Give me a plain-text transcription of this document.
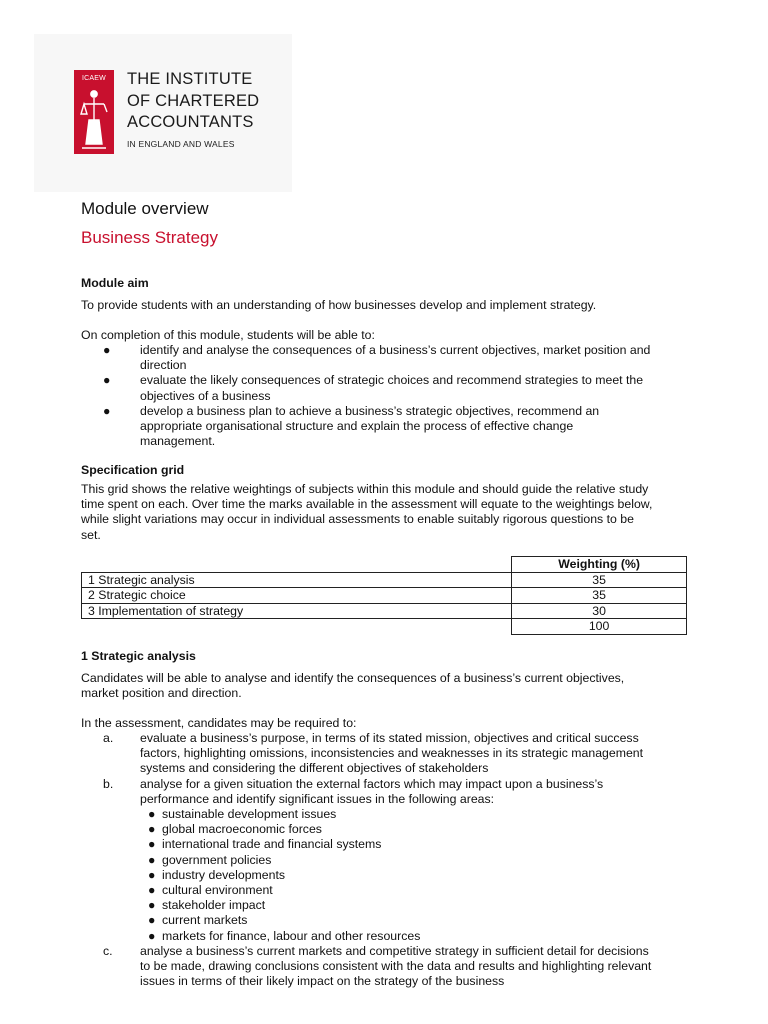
ICAEW	THE INSTITUTE
OF CHARTERED
ACCOUNTANTS
IN ENGLAND AND WALES
Module overview
Business Strategy
Module aim
To provide students with an understanding of how businesses develop and implement strategy.
On completion of this module, students will be able to:
● identify and analyse the consequences of a business’s current objectives, market position and
direction
● evaluate the likely consequences of strategic choices and recommend strategies to meet the
objectives of a business
● develop a business plan to achieve a business’s strategic objectives, recommend an
appropriate organisational structure and explain the process of effective change
management.
Specification grid
This grid shows the relative weightings of subjects within this module and should guide the relative study
time spent on each. Over time the marks available in the assessment will equate to the weightings below,
while slight variations may occur in individual assessments to enable suitably rigorous questions to be
set.
	Weighting (%)
1 Strategic analysis	35
2 Strategic choice	35
3 Implementation of strategy	30
	100
1 Strategic analysis
Candidates will be able to analyse and identify the consequences of a business’s current objectives,
market position and direction.
In the assessment, candidates may be required to:
a. evaluate a business’s purpose, in terms of its stated mission, objectives and critical success
factors, highlighting omissions, inconsistencies and weaknesses in its strategic management
systems and considering the different objectives of stakeholders
b. analyse for a given situation the external factors which may impact upon a business’s
performance and identify significant issues in the following areas:
● sustainable development issues
● global macroeconomic forces
● international trade and financial systems
● government policies
● industry developments
● cultural environment
● stakeholder impact
● current markets
● markets for finance, labour and other resources
c. analyse a business’s current markets and competitive strategy in sufficient detail for decisions
to be made, drawing conclusions consistent with the data and results and highlighting relevant
issues in terms of their likely impact on the strategy of the business
